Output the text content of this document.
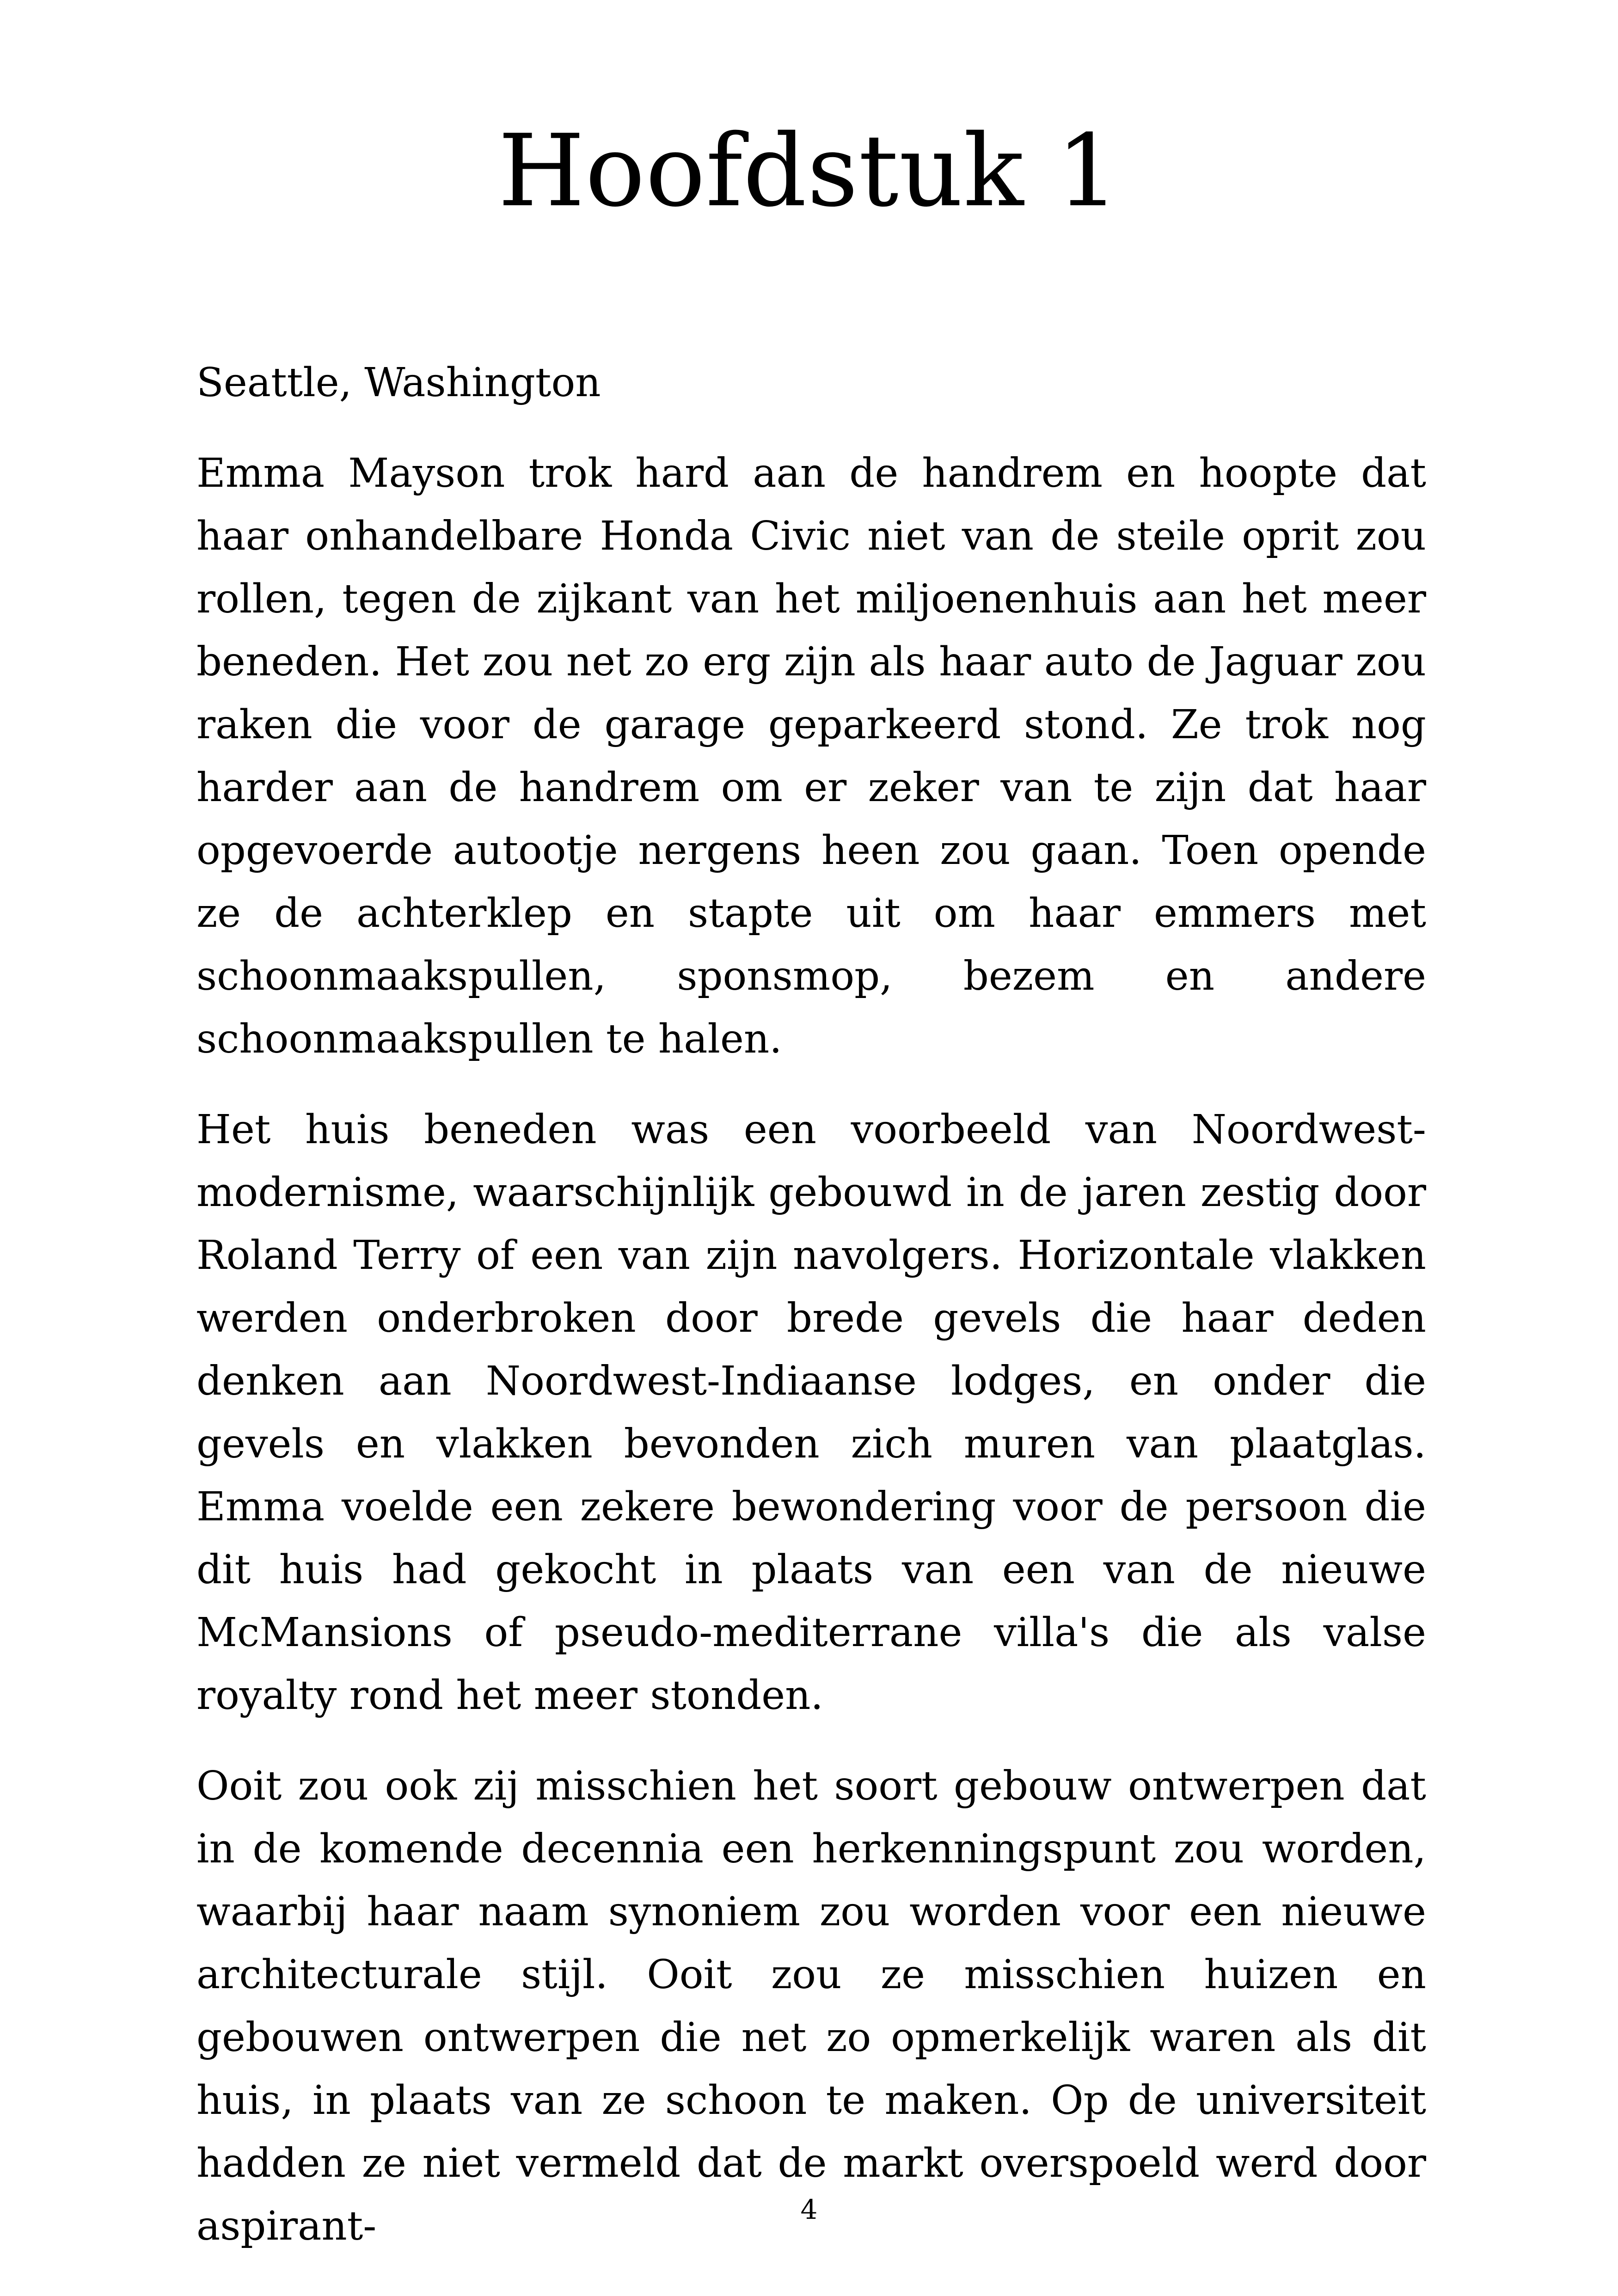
Hoofdstuk 1

Seattle, Washington

Emma Mayson trok hard aan de handrem en hoopte dat haar onhandelbare Honda Civic niet van de steile oprit zou rollen, tegen de zijkant van het miljoenenhuis aan het meer beneden. Het zou net zo erg zijn als haar auto de Jaguar zou raken die voor de garage geparkeerd stond. Ze trok nog harder aan de handrem om er zeker van te zijn dat haar opgevoerde autootje nergens heen zou gaan. Toen opende ze de achterklep en stapte uit om haar emmers met schoonmaakspullen, sponsmop, bezem en andere schoonmaakspullen te halen.

Het huis beneden was een voorbeeld van Noordwest-modernisme, waarschijnlijk gebouwd in de jaren zestig door Roland Terry of een van zijn navolgers. Horizontale vlakken werden onderbroken door brede gevels die haar deden denken aan Noordwest-Indiaanse lodges, en onder die gevels en vlakken bevonden zich muren van plaatglas. Emma voelde een zekere bewondering voor de persoon die dit huis had gekocht in plaats van een van de nieuwe McMansions of pseudo-mediterrane villa's die als valse royalty rond het meer stonden.

Ooit zou ook zij misschien het soort gebouw ontwerpen dat in de komende decennia een herkenningspunt zou worden, waarbij haar naam synoniem zou worden voor een nieuwe architecturale stijl. Ooit zou ze misschien huizen en gebouwen ontwerpen die net zo opmerkelijk waren als dit huis, in plaats van ze schoon te maken. Op de universiteit hadden ze niet vermeld dat de markt overspoeld werd door aspirant-	4
